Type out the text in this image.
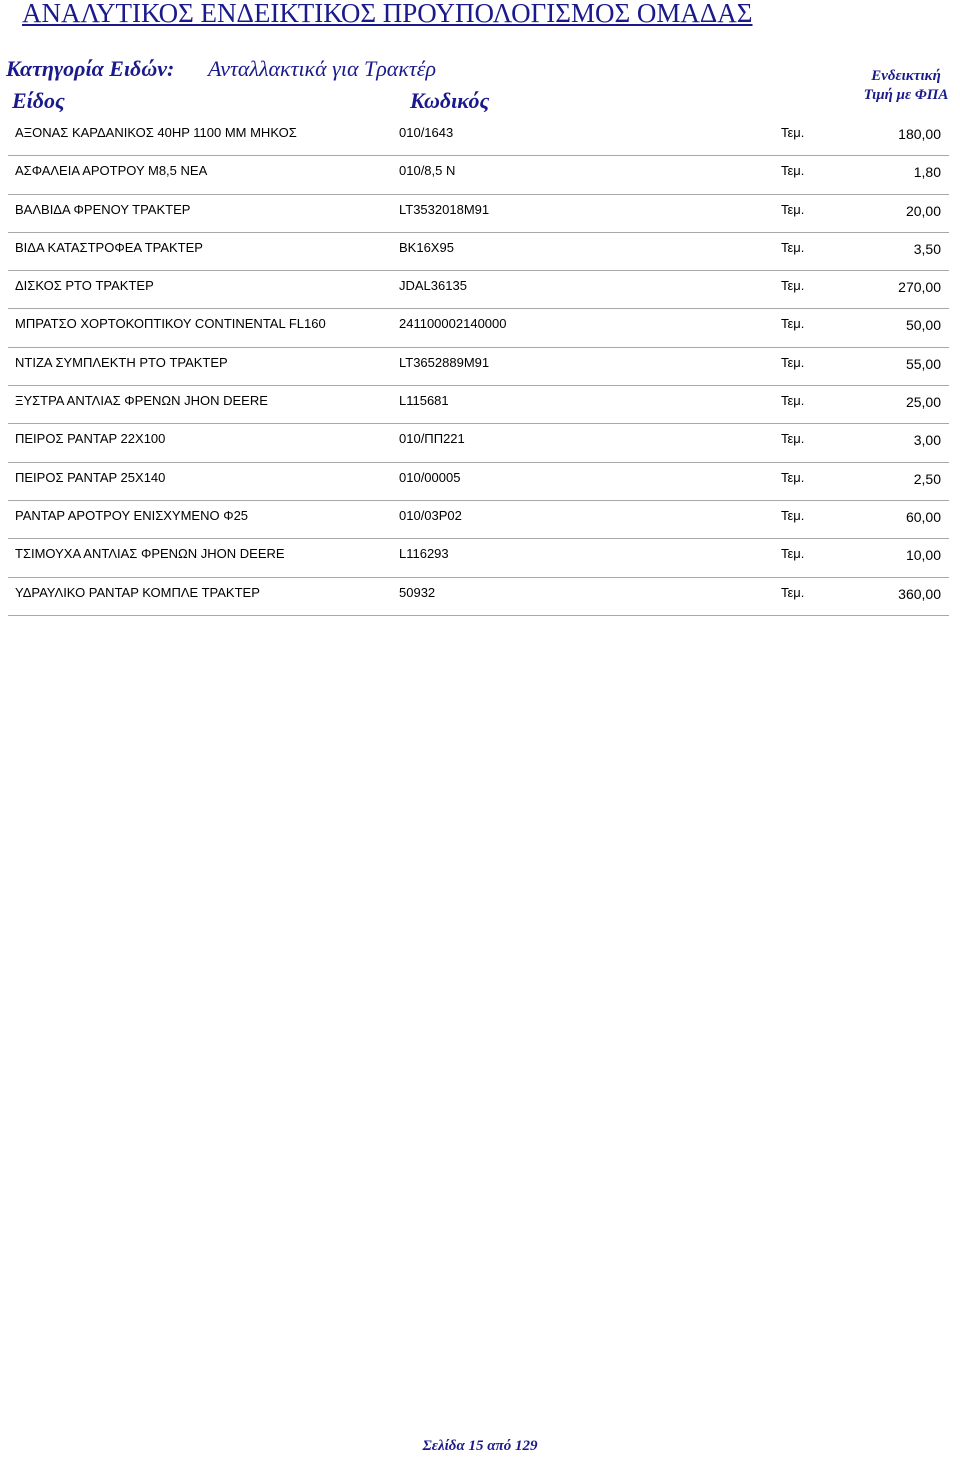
ΑΝΑΛΥΤΙΚΟΣ ΕΝΔΕΙΚΤΙΚΟΣ ΠΡΟΥΠΟΛΟΓΙΣΜΟΣ ΟΜΑΔΑΣ
Κατηγορία Ειδών: Ανταλλακτικά για Τρακτέρ
Είδος	Κωδικός
Ενδεικτική
Τιμή με ΦΠΑ
ΑΞΟΝΑΣ ΚΑΡΔΑΝΙΚΟΣ 40HP 1100 MM ΜΗΚΟΣ	010/1643	Τεμ.	180,00
ΑΣΦΑΛΕΙΑ ΑΡΟΤΡΟΥ Μ8,5 ΝΕΑ	010/8,5 Ν	Τεμ.	1,80
ΒΑΛΒΙΔΑ ΦΡΕΝΟΥ ΤΡΑΚΤΕΡ	LT3532018M91	Τεμ.	20,00
ΒΙΔΑ ΚΑΤΑΣΤΡΟΦΕΑ ΤΡΑΚΤΕΡ	ΒΚ16Χ95	Τεμ.	3,50
ΔΙΣΚΟΣ PTO ΤΡΑΚΤΕΡ	JDAL36135	Τεμ.	270,00
ΜΠΡΑΤΣΟ ΧΟΡΤΟΚΟΠΤΙΚΟΥ CONTINENTAL FL160	241100002140000	Τεμ.	50,00
ΝΤΙΖΑ ΣΥΜΠΛΕΚΤΗ PTO ΤΡΑΚΤΕΡ	LT3652889M91	Τεμ.	55,00
ΞΥΣΤΡΑ ΑΝΤΛΙΑΣ ΦΡΕΝΩΝ JHON DEERE	L115681	Τεμ.	25,00
ΠΕΙΡΟΣ ΡΑΝΤΑΡ 22Χ100	010/ΠΠ221	Τεμ.	3,00
ΠΕΙΡΟΣ ΡΑΝΤΑΡ 25Χ140	010/00005	Τεμ.	2,50
ΡΑΝΤΑΡ ΑΡΟΤΡΟΥ ΕΝΙΣΧΥΜΕΝΟ Φ25	010/03Ρ02	Τεμ.	60,00
ΤΣΙΜΟΥΧΑ ΑΝΤΛΙΑΣ ΦΡΕΝΩΝ JHON DEERE	L116293	Τεμ.	10,00
ΥΔΡΑΥΛΙΚΟ ΡΑΝΤΑΡ ΚΟΜΠΛΕ ΤΡΑΚΤΕΡ	50932	Τεμ.	360,00
Σελίδα 15 από 129
